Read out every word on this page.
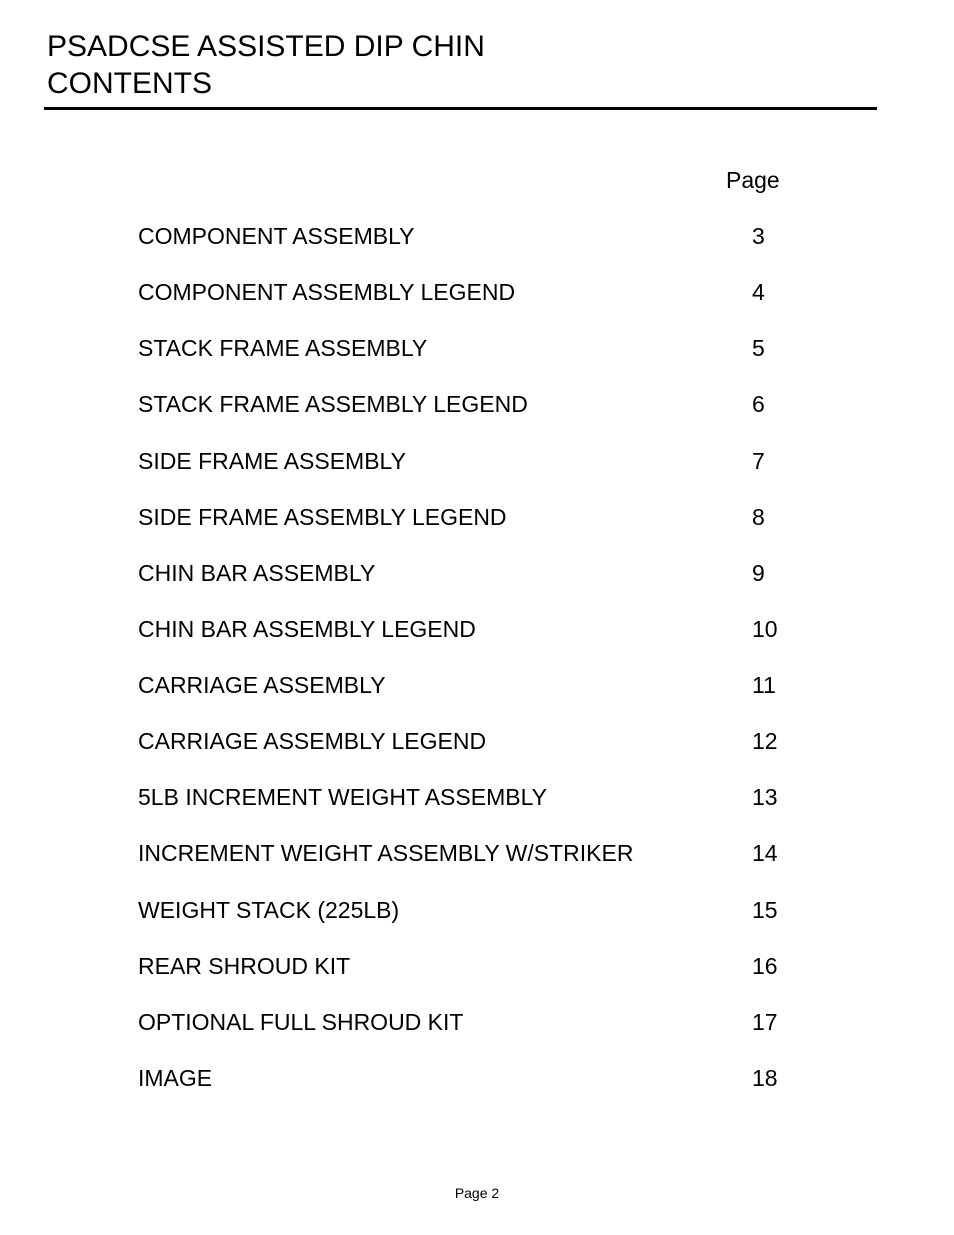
PSADCSE ASSISTED DIP CHIN
CONTENTS
Page
COMPONENT ASSEMBLY	3
COMPONENT ASSEMBLY LEGEND	4
STACK FRAME ASSEMBLY	5
STACK FRAME ASSEMBLY LEGEND	6
SIDE FRAME ASSEMBLY	7
SIDE FRAME ASSEMBLY LEGEND	8
CHIN BAR ASSEMBLY	9
CHIN BAR ASSEMBLY LEGEND	10
CARRIAGE ASSEMBLY	11
CARRIAGE ASSEMBLY LEGEND	12
5LB INCREMENT WEIGHT ASSEMBLY	13
INCREMENT WEIGHT ASSEMBLY W/STRIKER	14
WEIGHT STACK (225LB)	15
REAR SHROUD KIT	16
OPTIONAL FULL SHROUD KIT	17
IMAGE	18
Page 2
